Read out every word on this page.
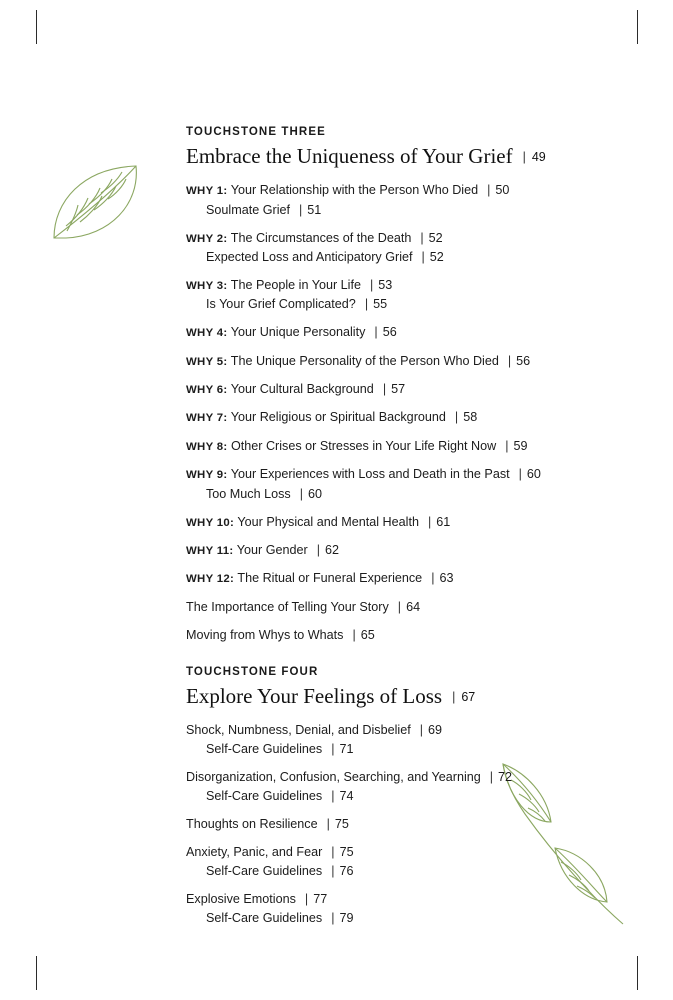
TOUCHSTONE THREE
Embrace the Uniqueness of Your Grief | 49
WHY 1: Your Relationship with the Person Who Died | 50
Soulmate Grief | 51
WHY 2: The Circumstances of the Death | 52
Expected Loss and Anticipatory Grief | 52
WHY 3: The People in Your Life | 53
Is Your Grief Complicated? | 55
WHY 4: Your Unique Personality | 56
WHY 5: The Unique Personality of the Person Who Died | 56
WHY 6: Your Cultural Background | 57
WHY 7: Your Religious or Spiritual Background | 58
WHY 8: Other Crises or Stresses in Your Life Right Now | 59
WHY 9: Your Experiences with Loss and Death in the Past | 60
Too Much Loss | 60
WHY 10: Your Physical and Mental Health | 61
WHY 11: Your Gender | 62
WHY 12: The Ritual or Funeral Experience | 63
The Importance of Telling Your Story | 64
Moving from Whys to Whats | 65
TOUCHSTONE FOUR
Explore Your Feelings of Loss | 67
Shock, Numbness, Denial, and Disbelief | 69
Self-Care Guidelines | 71
Disorganization, Confusion, Searching, and Yearning | 72
Self-Care Guidelines | 74
Thoughts on Resilience | 75
Anxiety, Panic, and Fear | 75
Self-Care Guidelines | 76
Explosive Emotions | 77
Self-Care Guidelines | 79
